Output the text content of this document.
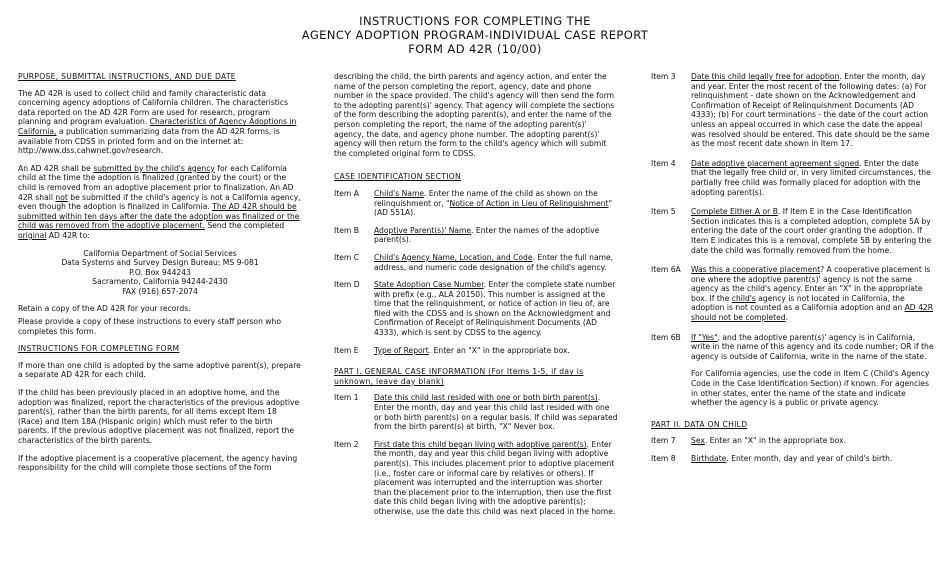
INSTRUCTIONS FOR COMPLETING THE
AGENCY ADOPTION PROGRAM-INDIVIDUAL CASE REPORT
FORM AD 42R (10/00)
PURPOSE, SUBMITTAL INSTRUCTIONS, AND DUE DATE

The AD 42R is used to collect child and family characteristic data concerning agency adoptions of California children. The characteristics data reported on the AD 42R Form are used for research, program planning and program evaluation. Characteristics of Agency Adoptions in California, a publication summarizing data from the AD 42R forms, is available from CDSS in printed form and on the internet at: http://www.dss.cahwnet.gov/research.

An AD 42R shall be submitted by the child's agency for each California child at the time the adoption is finalized (granted by the court) or the child is removed from an adoptive placement prior to finalization. An AD 42R shall not be submitted if the child's agency is not a California agency, even though the adoption is finalized in California. The AD 42R should be submitted within ten days after the date the adoption was finalized or the child was removed from the adoptive placement. Send the completed original AD 42R to:

California Department of Social Services
Data Systems and Survey Design Bureau; MS 9-081
P.O. Box 944243
Sacramento, California 94244-2430
FAX (916) 657-2074

Retain a copy of the AD 42R for your records.

Please provide a copy of these instructions to every staff person who completes this form.

INSTRUCTIONS FOR COMPLETING FORM

If more than one child is adopted by the same adoptive parent(s), prepare a separate AD 42R for each child.

If the child has been previously placed in an adoptive home, and the adoption was finalized, report the characteristics of the previous adoptive parent(s), rather than the birth parents, for all items except Item 18 (Race) and Item 18A (Hispanic origin) which must refer to the birth parents. If the previous adoptive placement was not finalized, report the characteristics of the birth parents.

If the adoptive placement is a cooperative placement, the agency having responsibility for the child will complete those sections of the form

describing the child, the birth parents and agency action, and enter the name of the person completing the report, agency, date and phone number in the space provided. The child's agency will then send the form to the adopting parent(s)' agency. That agency will complete the sections of the form describing the adopting parent(s), and enter the name of the person completing the report, the name of the adopting parent(s)' agency, the date, and agency phone number. The adopting parent(s)' agency will then return the form to the child's agency which will submit the completed original form to CDSS.

CASE IDENTIFICATION SECTION
Item A	Child's Name. Enter the name of the child as shown on the relinquishment or, "Notice of Action in Lieu of Relinquishment" (AD 551A).
Item B	Adoptive Parent(s)' Name. Enter the names of the adoptive parent(s).
Item C	Child's Agency Name, Location, and Code. Enter the full name, address, and numeric code designation of the child's agency.
Item D	State Adoption Case Number. Enter the complete state number with prefix (e.g., ALA 20150). This number is assigned at the time that the relinquishment, or notice of action in lieu of, are filed with the CDSS and is shown on the Acknowledgment and Confirmation of Receipt of Relinquishment Documents (AD 4333), which is sent by CDSS to the agency.
Item E	Type of Report. Enter an "X" in the appropriate box.
PART I. GENERAL CASE INFORMATION (For Items 1-5, if day is unknown, leave day blank)
Item 1	Date this child last resided with one or both birth parent(s). Enter the month, day and year this child last resided with one or both birth parent(s) on a regular basis. If child was separated from the birth parent(s) at birth, "X" Never box.
Item 2	First date this child began living with adoptive parent(s). Enter the month, day and year this child began living with adoptive parent(s). This includes placement prior to adoptive placement (i.e., foster care or informal care by relatives or others). If placement was interrupted and the interruption was shorter than the placement prior to the interruption, then use the first date this child began living with the adoptive parent(s); otherwise, use the date this child was next placed in the home.
Item 3	Date this child legally free for adoption. Enter the month, day and year. Enter the most recent of the following dates: (a) For relinquishment - date shown on the Acknowledgement and Confirmation of Receipt of Relinquishment Documents (AD 4333); (b) For court terminations - the date of the court action unless an appeal occurred in which case the date the appeal was resolved should be entered. This date should be the same as the most recent date shown in Item 17.
Item 4	Date adoptive placement agreement signed. Enter the date that the legally free child or, in very limited circumstances, the partially free child was formally placed for adoption with the adopting parent(s).
Item 5	Complete Either A or B. If Item E in the Case Identification Section indicates this is a completed adoption, complete 5A by entering the date of the court order granting the adoption. If Item E indicates this is a removal, complete 5B by entering the date the child was formally removed from the home.
Item 6A	Was this a cooperative placement? A cooperative placement is one where the adoptive parent(s)' agency is not the same agency as the child's agency. Enter an "X" in the appropriate box. If the child's agency is not located in California, the adoption is not counted as a California adoption and an AD 42R should not be completed.
Item 6B	If "Yes", and the adoptive parent(s)' agency is in California, write in the name of this agency and its code number; OR if the agency is outside of California, write in the name of the state.
For California agencies, use the code in Item C (Child's Agency Code in the Case Identification Section) if known. For agencies in other states, enter the name of the state and indicate whether the agency is a public or private agency.
PART II. DATA ON CHILD
Item 7	Sex. Enter an "X" in the appropriate box.
Item 8	Birthdate. Enter month, day and year of child's birth.
